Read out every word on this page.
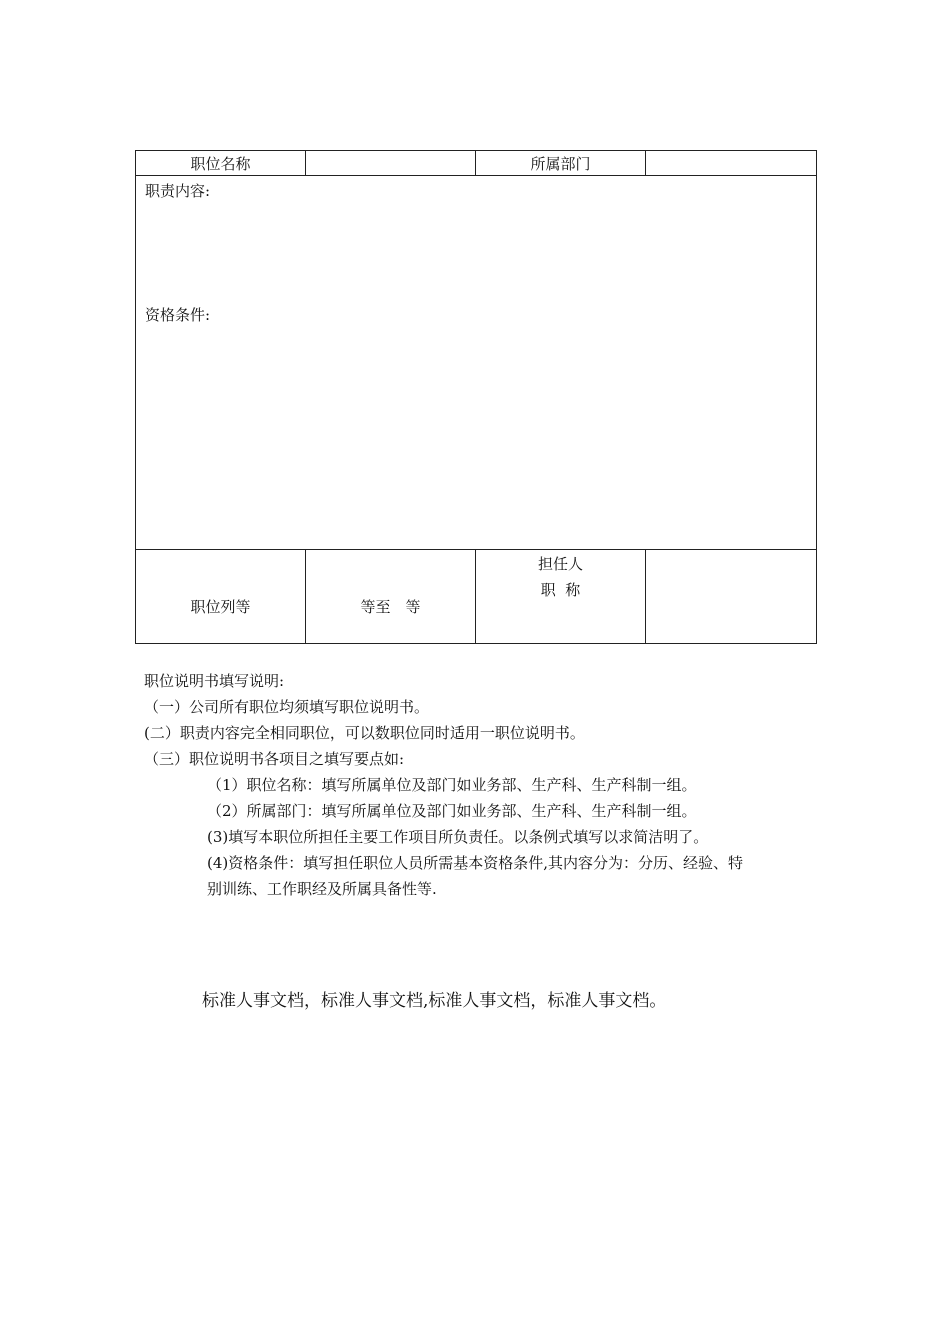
职位名称		所属部门	

职责内容:
资格条件:			

职位列等	等至　等	担任人
职  称	

职位说明书填写说明:

（一）公司所有职位均须填写职位说明书。

(二）职责内容完全相同职位，可以数职位同时适用一职位说明书。

（三）职位说明书各项目之填写要点如:

（1）职位名称：填写所属单位及部门如业务部、生产科、生产科制一组。

（2）所属部门：填写所属单位及部门如业务部、生产科、生产科制一组。

(3)填写本职位所担任主要工作项目所负责任。以条例式填写以求简洁明了。

(4)资格条件：填写担任职位人员所需基本资格条件,其内容分为：分历、经验、特

别训练、工作职经及所属具备性等.

标准人事文档，标准人事文档,标准人事文档，标准人事文档。
